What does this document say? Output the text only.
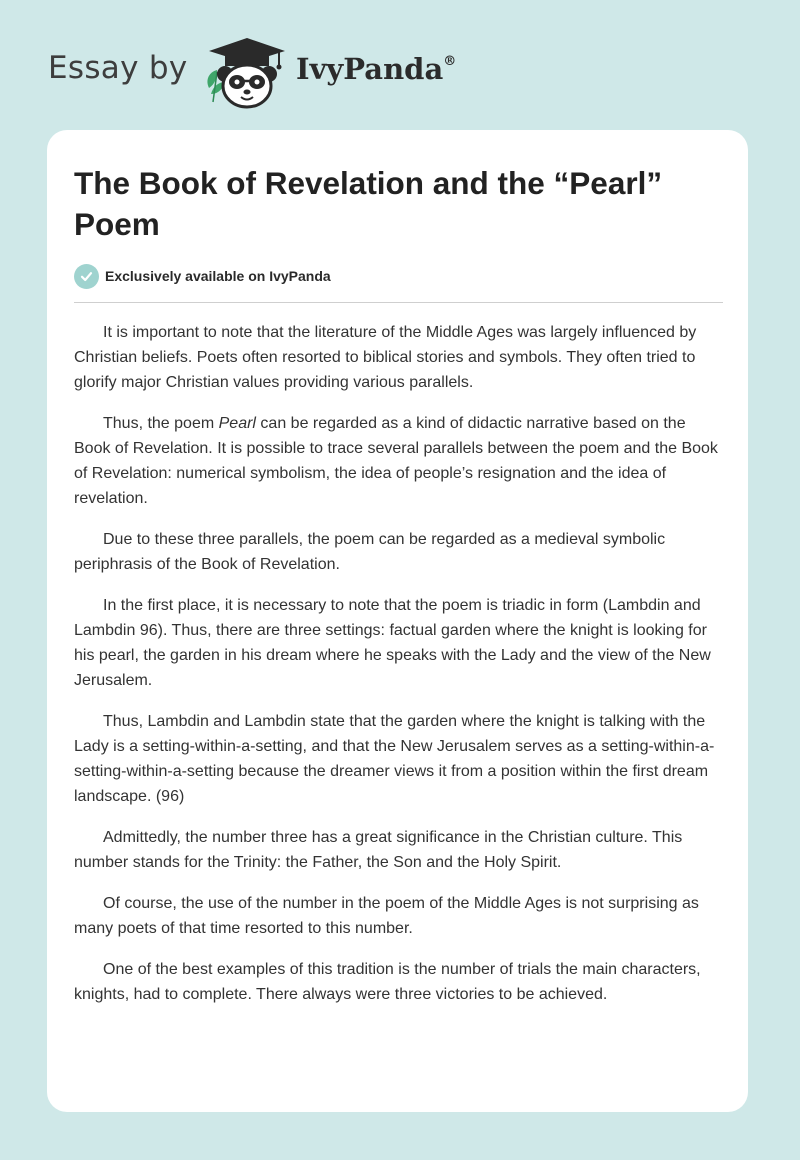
Essay by	IvyPanda®
The Book of Revelation and the “Pearl” Poem
Exclusively available on IvyPanda

It is important to note that the literature of the Middle Ages was largely influenced by Christian beliefs. Poets often resorted to biblical stories and symbols. They often tried to glorify major Christian values providing various parallels.

Thus, the poem Pearl can be regarded as a kind of didactic narrative based on the Book of Revelation. It is possible to trace several parallels between the poem and the Book of Revelation: numerical symbolism, the idea of people’s resignation and the idea of revelation.

Due to these three parallels, the poem can be regarded as a medieval symbolic periphrasis of the Book of Revelation.

In the first place, it is necessary to note that the poem is triadic in form (Lambdin and Lambdin 96). Thus, there are three settings: factual garden where the knight is looking for his pearl, the garden in his dream where he speaks with the Lady and the view of the New Jerusalem.

Thus, Lambdin and Lambdin state that the garden where the knight is talking with the Lady is a setting-within-a-setting, and that the New Jerusalem serves as a setting-within-a-setting-within-a-setting because the dreamer views it from a position within the first dream landscape. (96)

Admittedly, the number three has a great significance in the Christian culture. This number stands for the Trinity: the Father, the Son and the Holy Spirit.

Of course, the use of the number in the poem of the Middle Ages is not surprising as many poets of that time resorted to this number.

One of the best examples of this tradition is the number of trials the main characters, knights, had to complete. There always were three victories to be achieved.
